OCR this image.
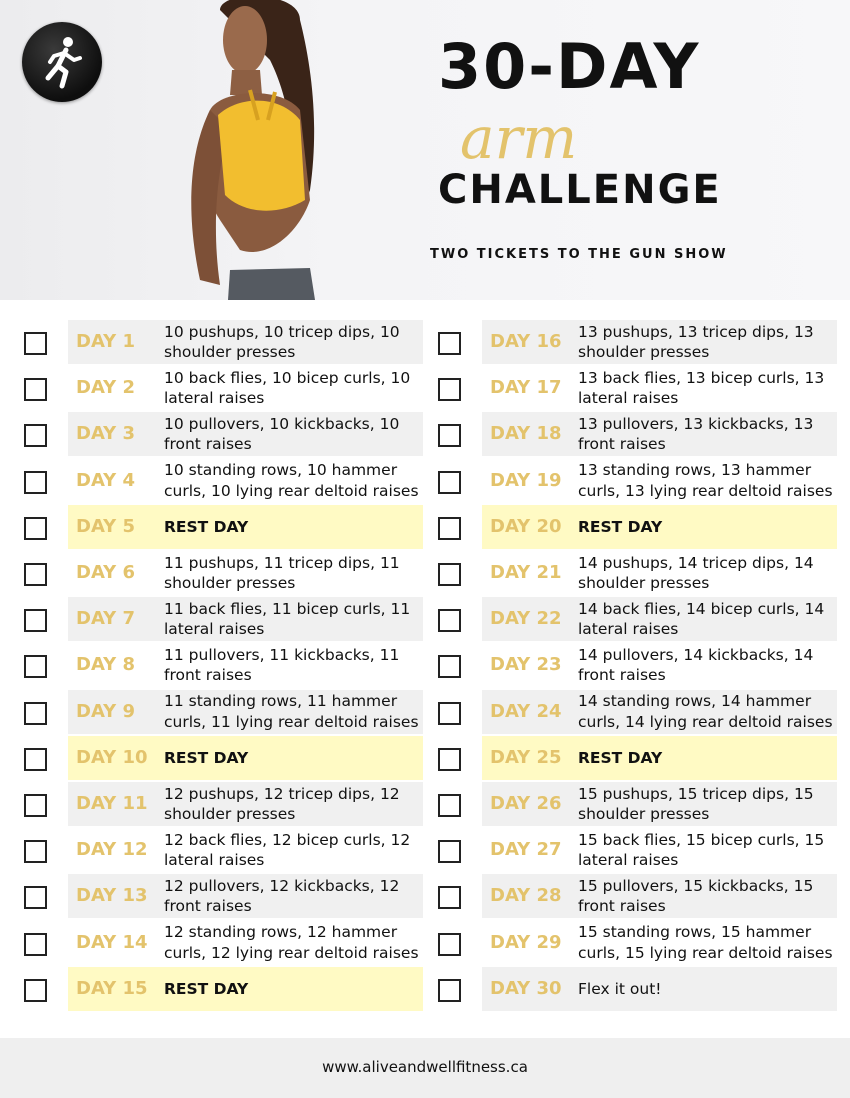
30-DAY
arm
CHALLENGE
TWO TICKETS TO THE GUN SHOW
DAY 1	10 pushups, 10 tricep dips, 10 shoulder presses
DAY 2	10 back flies, 10 bicep curls, 10 lateral raises
DAY 3	10 pullovers, 10 kickbacks, 10 front raises
DAY 4	10 standing rows, 10 hammer curls, 10 lying rear deltoid raises
DAY 5	REST DAY
DAY 6	11 pushups, 11 tricep dips, 11 shoulder presses
DAY 7	11 back flies, 11 bicep curls, 11 lateral raises
DAY 8	11 pullovers, 11 kickbacks, 11 front raises
DAY 9	11 standing rows, 11 hammer curls, 11 lying rear deltoid raises
DAY 10	REST DAY
DAY 11	12 pushups, 12 tricep dips, 12 shoulder presses
DAY 12	12 back flies, 12 bicep curls, 12 lateral raises
DAY 13	12 pullovers, 12 kickbacks, 12 front raises
DAY 14	12 standing rows, 12 hammer curls, 12 lying rear deltoid raises
DAY 15	REST DAY
DAY 16	13 pushups, 13 tricep dips, 13 shoulder presses
DAY 17	13 back flies, 13 bicep curls, 13 lateral raises
DAY 18	13 pullovers, 13 kickbacks, 13 front raises
DAY 19	13 standing rows, 13 hammer curls, 13 lying rear deltoid raises
DAY 20	REST DAY
DAY 21	14 pushups, 14 tricep dips, 14 shoulder presses
DAY 22	14 back flies, 14 bicep curls, 14 lateral raises
DAY 23	14 pullovers, 14 kickbacks, 14 front raises
DAY 24	14 standing rows, 14 hammer curls, 14 lying rear deltoid raises
DAY 25	REST DAY
DAY 26	15 pushups, 15 tricep dips, 15 shoulder presses
DAY 27	15 back flies, 15 bicep curls, 15 lateral raises
DAY 28	15 pullovers, 15 kickbacks, 15 front raises
DAY 29	15 standing rows, 15 hammer curls, 15 lying rear deltoid raises
DAY 30	Flex it out!
www.aliveandwellfitness.ca
